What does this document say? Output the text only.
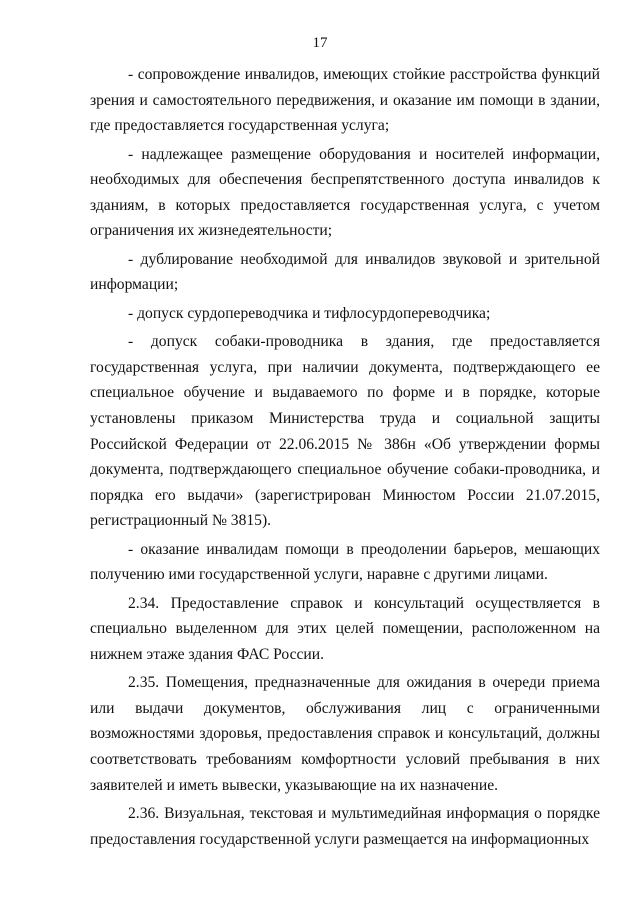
17

- сопровождение инвалидов, имеющих стойкие расстройства функций зрения и самостоятельного передвижения, и оказание им помощи в здании, где предоставляется государственная услуга;

- надлежащее размещение оборудования и носителей информации, необходимых для обеспечения беспрепятственного доступа инвалидов к зданиям, в которых предоставляется государственная услуга, с учетом ограничения их жизнедеятельности;

- дублирование необходимой для инвалидов звуковой и зрительной информации;

- допуск сурдопереводчика и тифлосурдопереводчика;

- допуск собаки-проводника в здания, где предоставляется государственная услуга, при наличии документа, подтверждающего ее специальное обучение и выдаваемого по форме и в порядке, которые установлены приказом Министерства труда и социальной защиты Российской Федерации от 22.06.2015 № 386н «Об утверждении формы документа, подтверждающего специальное обучение собаки-проводника, и порядка его выдачи» (зарегистрирован Минюстом России 21.07.2015, регистрационный № 3815).

- оказание инвалидам помощи в преодолении барьеров, мешающих получению ими государственной услуги, наравне с другими лицами.

2.34. Предоставление справок и консультаций осуществляется в специально выделенном для этих целей помещении, расположенном на нижнем этаже здания ФАС России.

2.35. Помещения, предназначенные для ожидания в очереди приема или выдачи документов, обслуживания лиц с ограниченными возможностями здоровья, предоставления справок и консультаций, должны соответствовать требованиям комфортности условий пребывания в них заявителей и иметь вывески, указывающие на их назначение.

2.36. Визуальная, текстовая и мультимедийная информация о порядке предоставления государственной услуги размещается на информационных
